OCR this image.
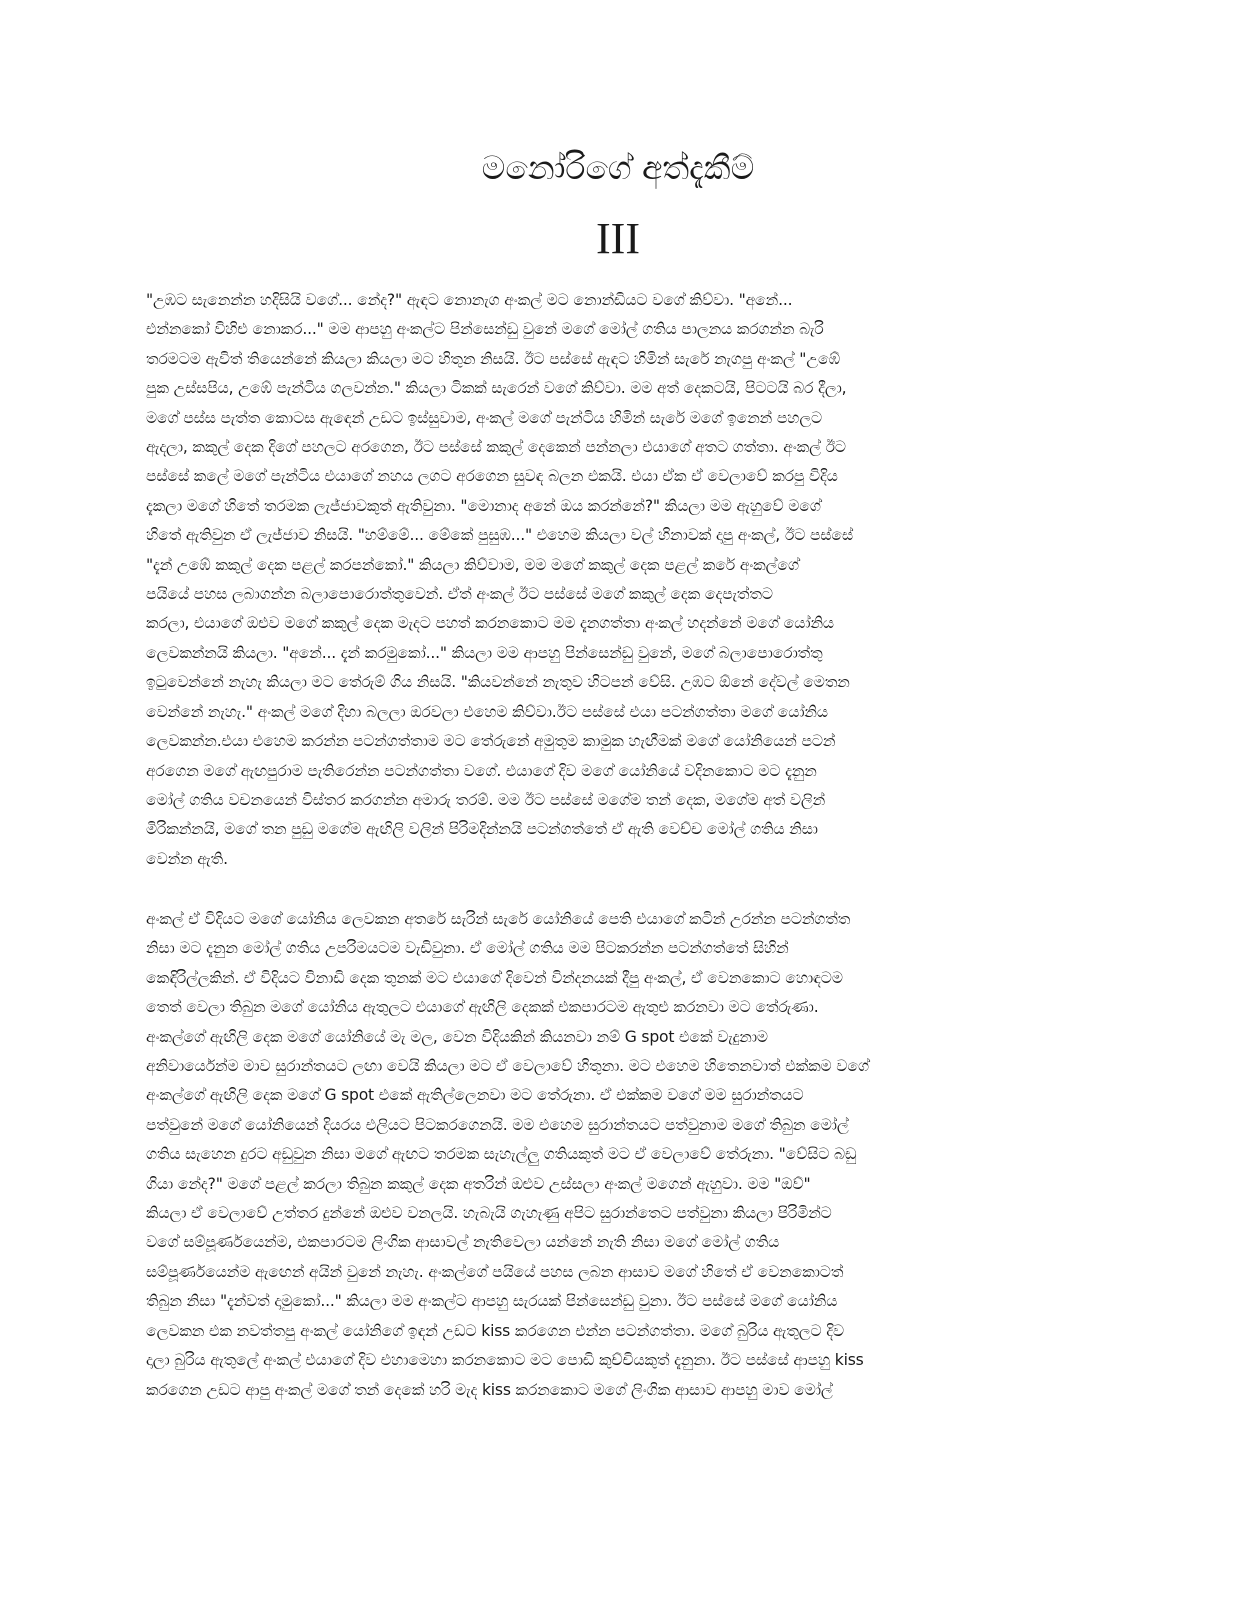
මනෝරිගේ අත්දැකීම්
III

"උඹට සැනෙන්න හදිසියි වගේ... නේද?" ඇඳට නොනැග අංකල් මට නොන්ඩියට වගේ කිව්වා. "අනේ...
එන්නකෝ විහිළු නොකර..." මම ආපහු අංකල්ට පින්සෙන්ඩු වුනේ මගේ මෝල් ගතිය පාලනය කරගන්න බැරි
තරමටම ඇවිත් තියෙන්නේ කියලා කියලා මට හිතුන නිසයි. ඊට පස්සේ ඇඳට හිමින් සැරේ නැගපු අංකල් "උඹේ
පුක උස්සපිය, උඹේ පැන්ටිය ගලවන්න." කියලා ටිකක් සැරෙන් වගේ කිව්වා. මම අත් දෙකටයි, පිටටයි බර දීලා,
මගේ පස්ස පැත්ත කොටස ඇඳෙන් උඩට ඉස්සුවාම, අංකල් මගේ පැන්ටිය හිමින් සැරේ මගේ ඉනෙන් පහලට
ඇදලා, කකුල් දෙක දිගේ පහලට අරගෙන, ඊට පස්සේ කකුල් දෙකෙන් පන්නලා එයාගේ අතට ගත්තා. අංකල් ඊට
පස්සේ කලේ මගේ පැන්ටිය එයාගේ නහය ලගට අරගෙන සුවඳ බලන එකයි. එයා ඒක ඒ වෙලාවේ කරපු විදිය
දැකලා මගේ හිතේ තරමක ලැජ්ජාවකුත් ඇතිවුනා. "මොනාද අනේ ඔය කරන්නේ?" කියලා මම ඇහුවේ මගේ
හිතේ ඇතිවුන ඒ ලැජ්ජාව නිසයි. "හම්මේ... මේකේ පුසුඹ..." එහෙම කියලා වල් හිනාවක් දාපු අංකල්, ඊට පස්සේ
"දැන් උඹේ කකුල් දෙක පළල් කරපන්කෝ." කියලා කිව්වාම, මම මගේ කකුල් දෙක පළල් කරේ අංකල්ගේ
පයියේ පහස ලබාගන්න බලාපොරොත්තුවෙන්. ඒත් අංකල් ඊට පස්සේ මගේ කකුල් දෙක දෙපැත්තට
කරලා, එයාගේ ඔළුව මගේ කකුල් දෙක මැදට පහත් කරනකොට මම දැනගත්තා අංකල් හදන්නේ මගේ යෝනිය
ලෙවකන්නයි කියලා. "අනේ... දැන් කරමුකෝ..." කියලා මම ආපහු පින්සෙන්ඩු වුනේ, මගේ බලාපොරොත්තු
ඉටුවෙන්නේ නැහැ කියලා මට තේරුම් ගිය නිසයි. "කියවන්නේ නැතුව හිටපන් වේසි. උඹට ඕනේ දේවල් මෙතන
වෙන්නේ නැහැ." අංකල් මගේ දිහා බලලා ඔරවලා එහෙම කිව්වා.ඊට පස්සේ එයා පටන්ගත්තා මගේ යෝනිය
ලෙවකන්න.එයා එහෙම කරන්න පටන්ගත්තාම මට තේරුනේ අමුතුම කාමුක හැඟීමක් මගේ යෝනියෙන් පටන්
අරගෙන මගේ ඇඟපුරාම පැතිරෙන්න පටන්ගත්තා වගේ. එයාගේ දිව මගේ යෝනියේ වදිනකොට මට දැනුන
මෝල් ගතිය වචනයෙන් විස්තර කරගන්න අමාරු තරම්. මම ඊට පස්සේ මගේම තන් දෙක, මගේම අත් වලින්
මිරිකන්නයි, මගේ තන පුඩු මගේම ඇඟිලි වලින් පිරිමදින්නයි පටන්ගත්තේ ඒ ඇති වෙච්ච මෝල් ගතිය නිසා
වෙන්න ඇති.

අංකල් ඒ විදියට මගේ යෝනිය ලෙවකන අතරේ සැරින් සැරේ යෝනියේ පෙති එයාගේ කටින් උරන්න පටන්ගත්ත
නිසා මට දැනුන මෝල් ගතිය උපරිමයටම වැඩිවුනා. ඒ මෝල් ගතිය මම පිටකරන්න පටන්ගත්තේ සිහින්
කෙඳිරිල්ලකින්. ඒ විදියට විනාඩි දෙක තුනක් මට එයාගේ දිවෙන් වින්දනයක් දීපු අංකල්, ඒ වෙනකොට හොඳටම
තෙත් වෙලා තිබුන මගේ යෝනිය ඇතුලට එයාගේ ඇඟිලි දෙකක් එකපාරටම ඇතුළු කරනවා මට තේරුණා.
අංකල්ගේ ඇඟිලි දෙක මගේ යෝනියේ මැ මල, වෙන විදියකින් කියනවා නම් G spot එකේ වැදුනාම
අනිවාර්යෙන්ම මාව සුරාන්තයට ලඟා වෙයි කියලා මට ඒ වෙලාවේ හිතුනා. මට එහෙම හිතෙනවාත් එක්කම වගේ
අංකල්ගේ ඇඟිලි දෙක මගේ G spot එකේ ඇතිල්ලෙනවා මට තේරුනා. ඒ එක්කම වගේ මම සුරාන්තයට
පත්වුනේ මගේ යෝනියෙන් දියරය එලියට පිටකරගෙනයි. මම එහෙම සුරාන්තයට පත්වුනාම මගේ තිබුන මෝල්
ගතිය සැහෙන දුරට අඩුවුන නිසා මගේ ඇඟට තරමක සැහැල්ලු ගතියකුත් මට ඒ වෙලාවේ තේරුනා. "වේසිට බඩු
ගියා නේද?" මගේ පළල් කරලා තිබුන කකුල් දෙක අතරින් ඔළුව උස්සලා අංකල් මගෙන් ඇහුවා. මම "ඔව්"
කියලා ඒ වෙලාවේ උත්තර දුන්නේ ඔළුව වනලයි. හැබැයි ගැහැණු අපිට සුරාන්තෙට පත්වුනා කියලා පිරිමින්ට
වගේ සම්පූර්ණයෙන්ම, එකපාරටම ලිංගික ආසාවල් නැතිවෙලා යන්නේ නැති නිසා මගේ මෝල් ගතිය
සම්පූර්ණයෙන්ම ඇඟෙන් අයින් වුනේ නැහැ. අංකල්ගේ පයියේ පහස ලබන ආසාව මගේ හිතේ ඒ වෙනකොටත්
තිබුන නිසා "දැන්වත් දාමුකෝ..." කියලා මම අංකල්ට ආපහු සැරයක් පින්සෙන්ඩු වුනා. ඊට පස්සේ මගේ යෝනිය
ලෙවකන එක නවත්තපු අංකල් යෝනිගේ ඉඳන් උඩට kiss කරගෙන එන්න පටන්ගත්තා. මගේ බුරිය ඇතුලට දිව
දාලා බුරිය ඇතුලේ අංකල් එයාගේ දිව එහාමෙහා කරනකොට මට පොඩි කුච්චියකුත් දැනුනා. ඊට පස්සේ ආපහු kiss
කරගෙන උඩට ආපු අංකල් මගේ තන් දෙකේ හරි මැද kiss කරනකොට මගේ ලිංගික ආසාව ආපහු මාව මෝල්
